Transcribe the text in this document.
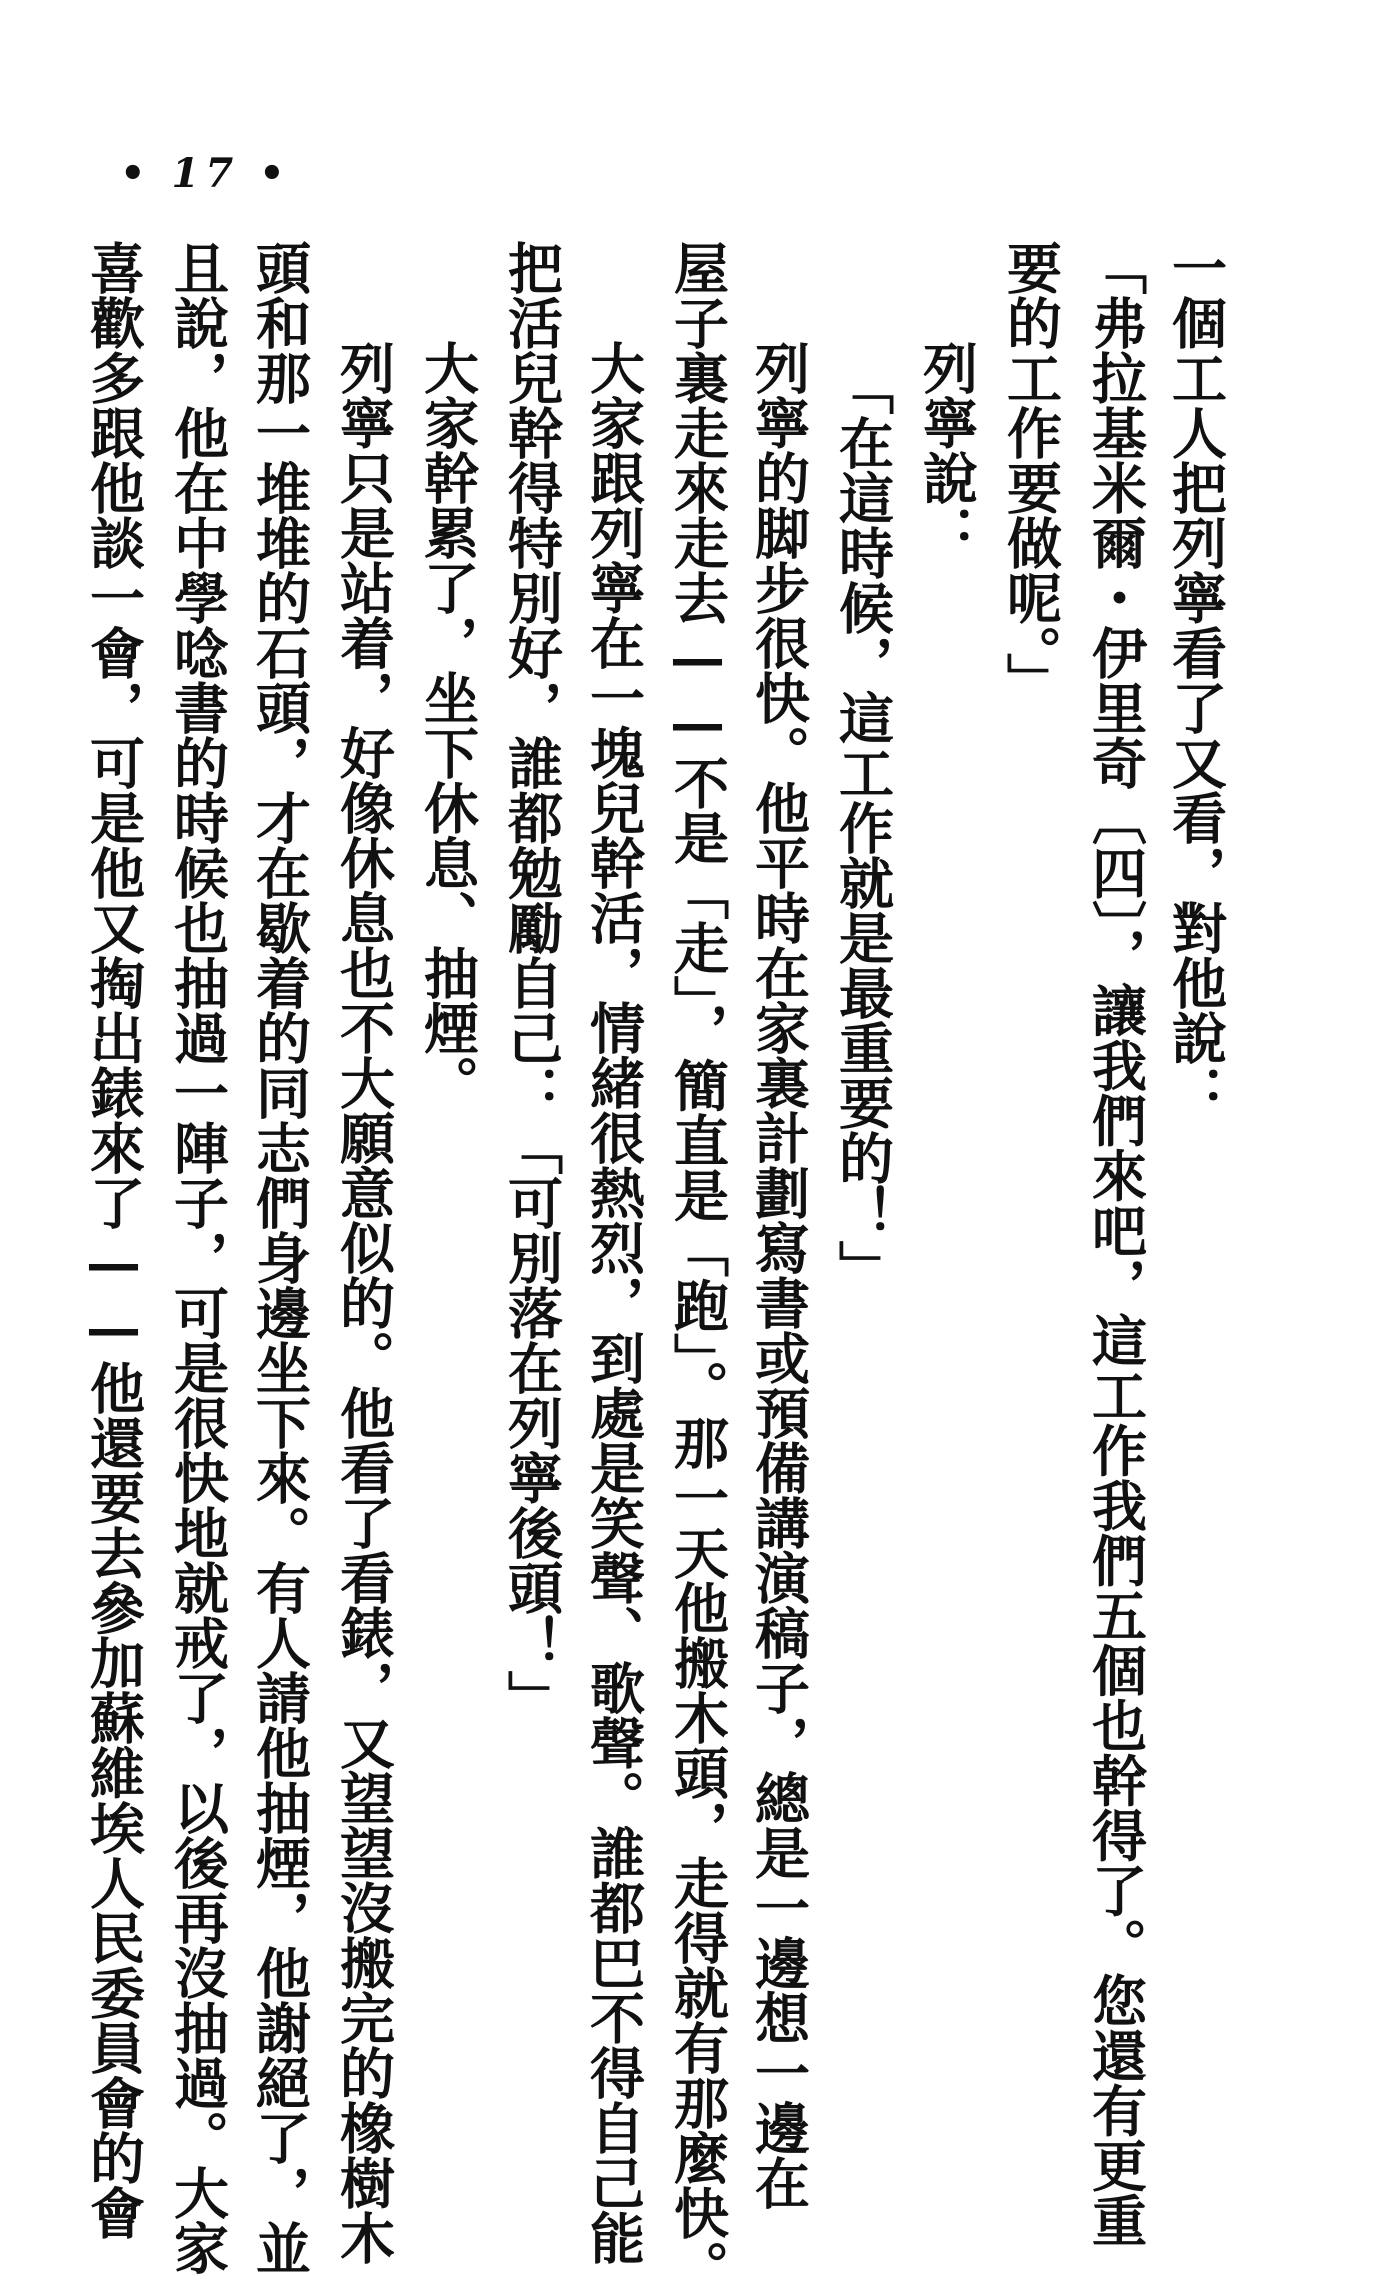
• 17 •
一個工人把列寧看了又看，對他說：
「弗拉基米爾・伊里奇〔四〕，讓我們來吧，這工作我們五個也幹得了。您還有更重
要的工作要做呢。」
列寧說：
「在這時候，這工作就是最重要的！」
列寧的脚步很快。他平時在家裏計劃寫書或預備講演稿子，總是一邊想一邊在
屋子裏走來走去——不是「走」，簡直是「跑」。那一天他搬木頭，走得就有那麼快。
大家跟列寧在一塊兒幹活，情緒很熱烈，到處是笑聲、歌聲。誰都巴不得自己能
把活兒幹得特別好，誰都勉勵自己：「可別落在列寧後頭！」
大家幹累了，坐下休息、抽煙。
列寧只是站着，好像休息也不大願意似的。他看了看錶，又望望沒搬完的橡樹木
頭和那一堆堆的石頭，才在歇着的同志們身邊坐下來。有人請他抽煙，他謝絕了，並
且說，他在中學唸書的時候也抽過一陣子，可是很快地就戒了，以後再沒抽過。大家
喜歡多跟他談一會，可是他又掏出錶來了——他還要去參加蘇維埃人民委員會的會
